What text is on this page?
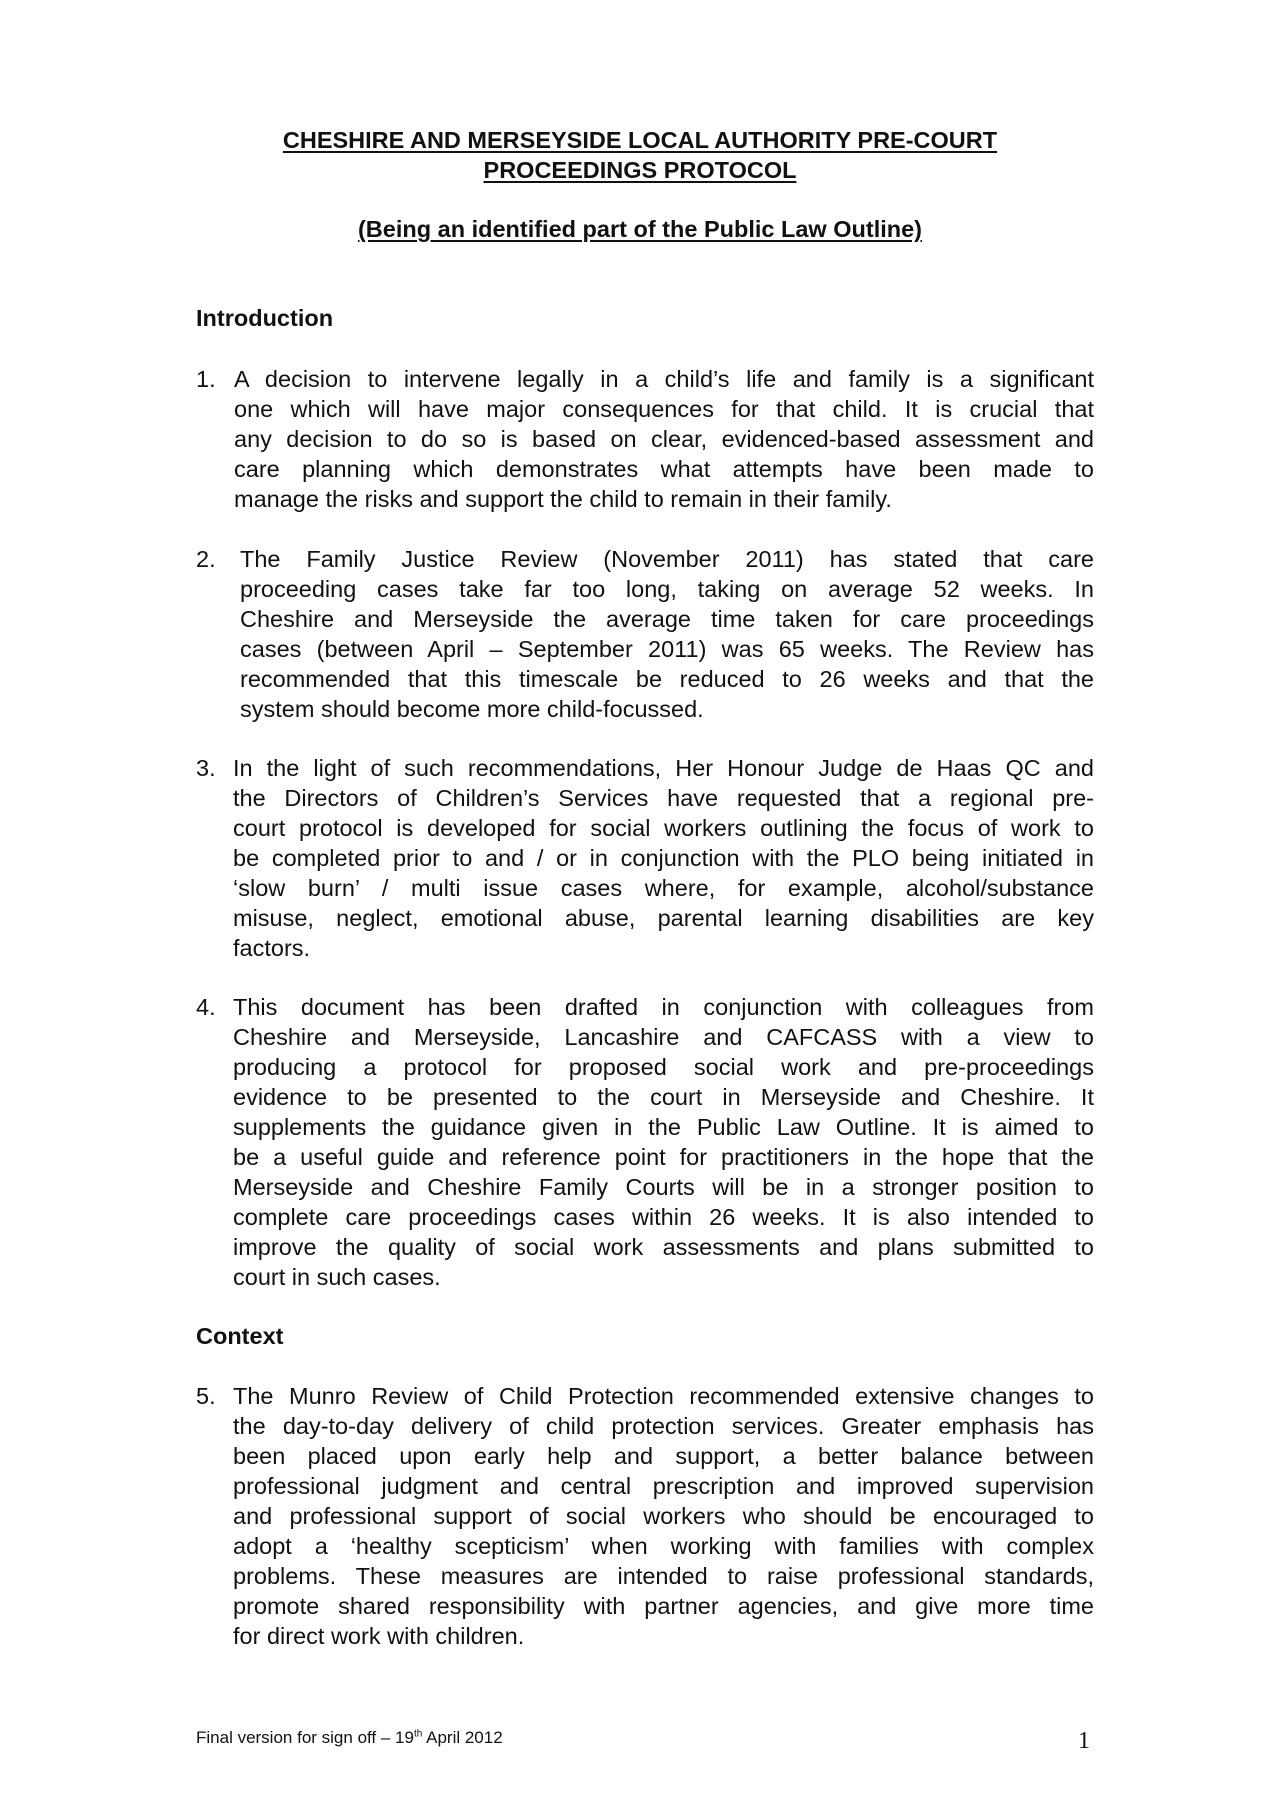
CHESHIRE AND MERSEYSIDE LOCAL AUTHORITY PRE-COURT
PROCEEDINGS PROTOCOL
(Being an identified part of the Public Law Outline)
Introduction
1. A decision to intervene legally in a child’s life and family is a significant
one which will have major consequences for that child. It is crucial that
any decision to do so is based on clear, evidenced-based assessment and
care planning which demonstrates what attempts have been made to
manage the risks and support the child to remain in their family.
2. The Family Justice Review (November 2011) has stated that care
proceeding cases take far too long, taking on average 52 weeks. In
Cheshire and Merseyside the average time taken for care proceedings
cases (between April – September 2011) was 65 weeks. The Review has
recommended that this timescale be reduced to 26 weeks and that the
system should become more child-focussed.
3. In the light of such recommendations, Her Honour Judge de Haas QC and
the Directors of Children’s Services have requested that a regional pre-
court protocol is developed for social workers outlining the focus of work to
be completed prior to and / or in conjunction with the PLO being initiated in
‘slow burn’ / multi issue cases where, for example, alcohol/substance
misuse, neglect, emotional abuse, parental learning disabilities are key
factors.
4. This document has been drafted in conjunction with colleagues from
Cheshire and Merseyside, Lancashire and CAFCASS with a view to
producing a protocol for proposed social work and pre-proceedings
evidence to be presented to the court in Merseyside and Cheshire. It
supplements the guidance given in the Public Law Outline. It is aimed to
be a useful guide and reference point for practitioners in the hope that the
Merseyside and Cheshire Family Courts will be in a stronger position to
complete care proceedings cases within 26 weeks. It is also intended to
improve the quality of social work assessments and plans submitted to
court in such cases.
Context
5. The Munro Review of Child Protection recommended extensive changes to
the day-to-day delivery of child protection services. Greater emphasis has
been placed upon early help and support, a better balance between
professional judgment and central prescription and improved supervision
and professional support of social workers who should be encouraged to
adopt a ‘healthy scepticism’ when working with families with complex
problems. These measures are intended to raise professional standards,
promote shared responsibility with partner agencies, and give more time
for direct work with children.
Final version for sign off – 19th April 2012	1
